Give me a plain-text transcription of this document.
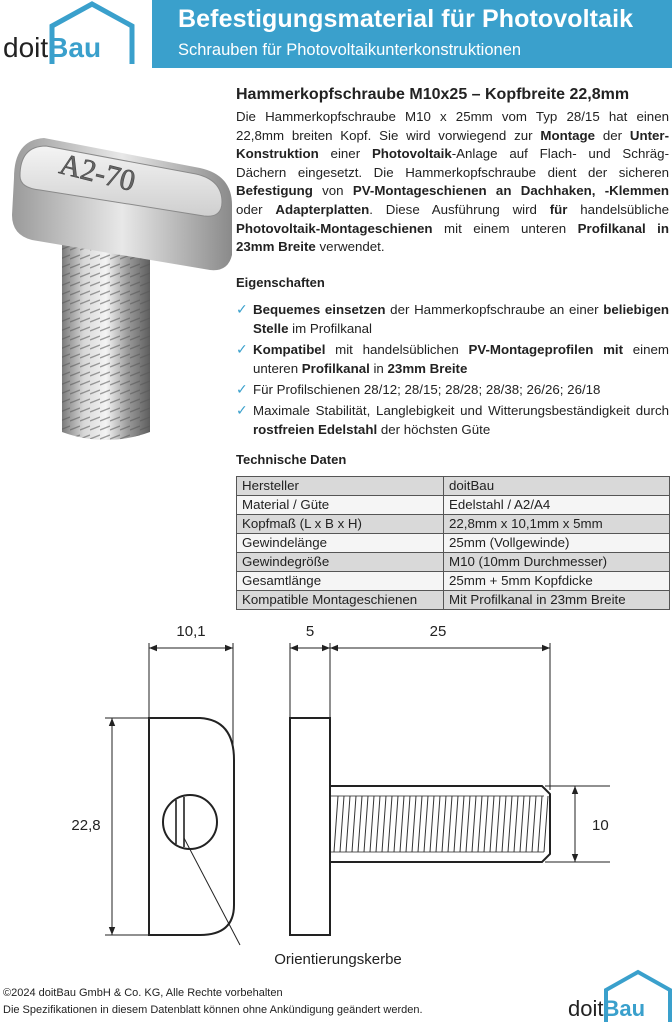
doitBau
Befestigungsmaterial für Photovoltaik
Schrauben für Photovoltaikunterkonstruktionen
A2-70
Hammerkopfschraube M10x25 – Kopfbreite 22,8mm
Die Hammerkopfschraube M10 x 25mm vom Typ 28/15 hat einen 22,8mm breiten Kopf. Sie wird vorwiegend zur Montage der Unter-Konstruktion einer Photovoltaik-Anlage auf Flach- und Schräg-Dächern eingesetzt. Die Hammerkopfschraube dient der sicheren Befestigung von PV-Montageschienen an Dachhaken, -Klemmen oder Adapterplatten. Diese Ausführung wird für handelsübliche Photovoltaik-Montageschienen mit einem unteren Profilkanal in 23mm Breite verwendet.
Eigenschaften
✓ Bequemes einsetzen der Hammerkopfschraube an einer beliebigen Stelle im Profilkanal
✓ Kompatibel mit handelsüblichen PV-Montageprofilen mit einem unteren Profilkanal in 23mm Breite
✓ Für Profilschienen 28/12; 28/15; 28/28; 28/38; 26/26; 26/18
✓ Maximale Stabilität, Langlebigkeit und Witterungsbeständigkeit durch rostfreien Edelstahl der höchsten Güte
Technische Daten
Hersteller	doitBau
Material / Güte	Edelstahl / A2/A4
Kopfmaß (L x B x H)	22,8mm x 10,1mm x 5mm
Gewindelänge	25mm (Vollgewinde)
Gewindegröße	M10 (10mm Durchmesser)
Gesamtlänge	25mm + 5mm Kopfdicke
Kompatible Montageschienen	Mit Profilkanal in 23mm Breite
10,1	5	25
22,8	10
Orientierungskerbe
©2024 doitBau GmbH & Co. KG, Alle Rechte vorbehalten
Die Spezifikationen in diesem Datenblatt können ohne Ankündigung geändert werden.	doitBau
